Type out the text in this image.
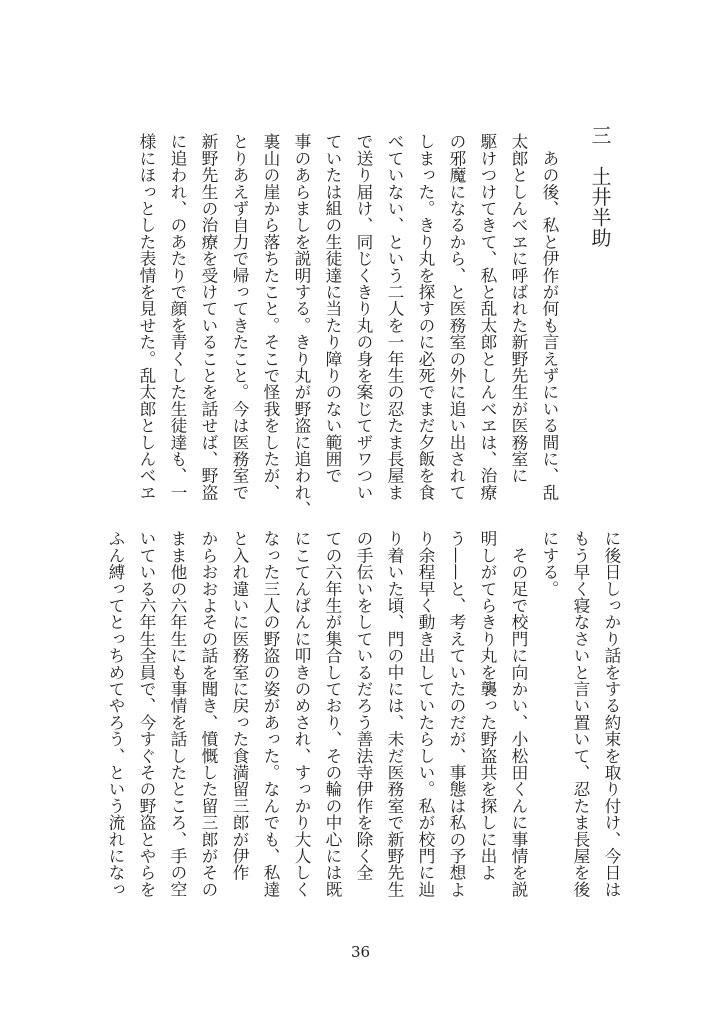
三　土井半助
　あの後、私と伊作が何も言えずにいる間に、乱
太郎としんべヱに呼ばれた新野先生が医務室に
駆けつけてきて、私と乱太郎としんべヱは、治療
の邪魔になるから、と医務室の外に追い出されて
しまった。きり丸を探すのに必死でまだ夕飯を食
べていない、という二人を一年生の忍たま長屋ま
で送り届け、同じくきり丸の身を案じてザワつい
ていたは組の生徒達に当たり障りのない範囲で
事のあらましを説明する。きり丸が野盗に追われ、
裏山の崖から落ちたこと。そこで怪我をしたが、
とりあえず自力で帰ってきたこと。今は医務室で
新野先生の治療を受けていることを話せば、野盗
に追われ、のあたりで顔を青くした生徒達も、一
様にほっとした表情を見せた。乱太郎としんべヱ
に後日しっかり話をする約束を取り付け、今日は
もう早く寝なさいと言い置いて、忍たま長屋を後
にする。
　その足で校門に向かい、小松田くんに事情を説
明しがてらきり丸を襲った野盗共を探しに出よ
う——と、考えていたのだが、事態は私の予想よ
り余程早く動き出していたらしい。私が校門に辿
り着いた頃、門の中には、未だ医務室で新野先生
の手伝いをしているだろう善法寺伊作を除く全
ての六年生が集合しており、その輪の中心には既
にこてんぱんに叩きのめされ、すっかり大人しく
なった三人の野盗の姿があった。なんでも、私達
と入れ違いに医務室に戻った食満留三郎が伊作
からおおよその話を聞き、憤慨した留三郎がその
まま他の六年生にも事情を話したところ、手の空
いている六年生全員で、今すぐその野盗とやらを
ふん縛ってとっちめてやろう、という流れになっ
36
